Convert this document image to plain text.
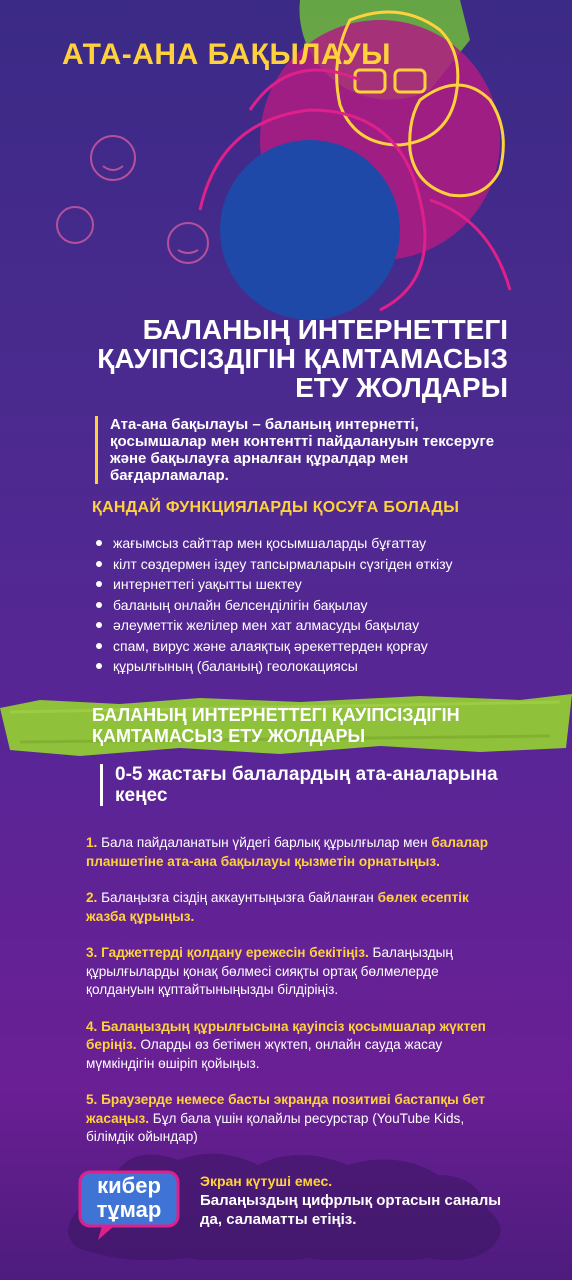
АТА-АНА БАҚЫЛАУЫ
БАЛАНЫҢ ИНТЕРНЕТТЕГІ ҚАУІПСІЗДІГІН ҚАМТАМАСЫЗ ЕТУ ЖОЛДАРЫ
Ата-ана бақылауы – баланың интернетті, қосымшалар мен контентті пайдалануын тексеруге және бақылауға арналған құралдар мен бағдарламалар.
ҚАНДАЙ ФУНКЦИЯЛАРДЫ ҚОСУҒА БОЛАДЫ
жағымсыз сайттар мен қосымшаларды бұғаттау
кілт сөздермен іздеу тапсырмаларын сүзгіден өткізу
интернеттегі уақытты шектеу
баланың онлайн белсенділігін бақылау
әлеуметтік желілер мен хат алмасуды бақылау
спам, вирус және алаяқтық әрекеттерден қорғау
құрылғының (баланың) геолокациясы
БАЛАНЫҢ ИНТЕРНЕТТЕГІ ҚАУІПСІЗДІГІН ҚАМТАМАСЫЗ ЕТУ ЖОЛДАРЫ
0-5 жастағы балалардың ата-аналарына кеңес
1. Бала пайдаланатын үйдегі барлық құрылғылар мен балалар планшетіне ата-ана бақылауы қызметін орнатыңыз.
2. Балаңызға сіздің аккаунтыңызға байланған бөлек есептік жазба құрыңыз.
3. Гаджеттерді қолдану ережесін бекітіңіз. Балаңыздың құрылғыларды қонақ бөлмесі сияқты ортақ бөлмелерде қолдануын құптайтыныңызды білдіріңіз.
4. Балаңыздың құрылғысына қауіпсіз қосымшалар жүктеп беріңіз. Оларды өз бетімен жүктеп, онлайн сауда жасау мүмкіндігін өшіріп қойыңыз.
5. Браузерде немесе басты экранда позитиві бастапқы бет жасаңыз. Бұл бала үшін қолайлы ресурстар (YouTube Kids, білімдік ойындар)
кибер
тұмар
Экран күтуші емес.
Балаңыздың цифрлық ортасын саналы да, саламатты етіңіз.
